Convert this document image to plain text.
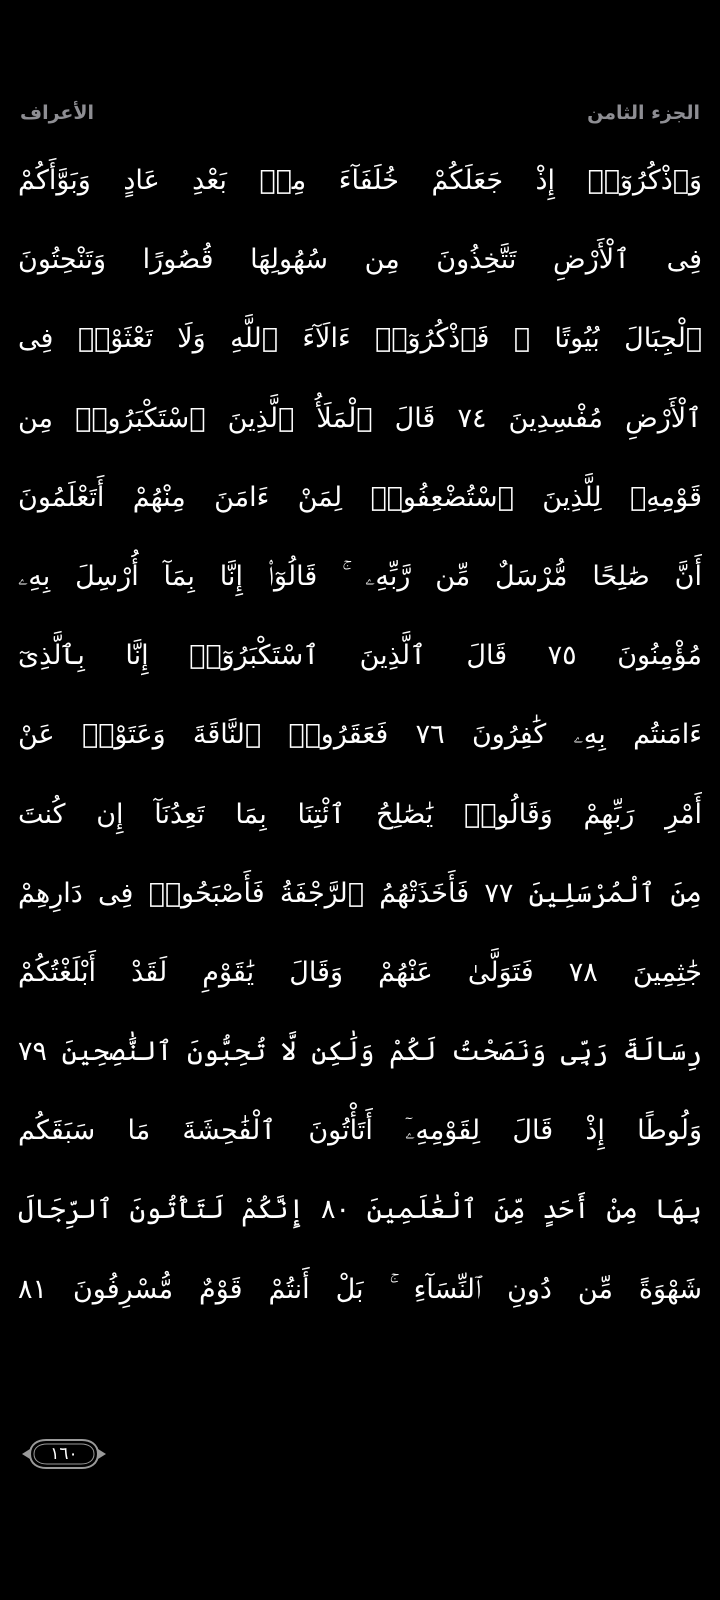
الأعراف	الجزء الثامن
وَٱذْكُرُوٓا۟ إِذْ جَعَلَكُمْ خُلَفَآءَ مِنۢ بَعْدِ عَادٍ وَبَوَّأَكُمْ
فِى ٱلْأَرْضِ تَتَّخِذُونَ مِن سُهُولِهَا قُصُورًا وَتَنْحِتُونَ
ٱلْجِبَالَ بُيُوتًا ۖ فَٱذْكُرُوٓا۟ ءَالَآءَ ٱللَّهِ وَلَا تَعْثَوْا۟ فِى
ٱلْأَرْضِ مُفْسِدِينَ ٧٤ قَالَ ٱلْمَلَأُ ٱلَّذِينَ ٱسْتَكْبَرُوا۟ مِن
قَوْمِهِۦ لِلَّذِينَ ٱسْتُضْعِفُوا۟ لِمَنْ ءَامَنَ مِنْهُمْ أَتَعْلَمُونَ
أَنَّ صَٰلِحًا مُّرْسَلٌ مِّن رَّبِّهِۦ ۚ قَالُوٓا۟ إِنَّا بِمَآ أُرْسِلَ بِهِۦ
مُؤْمِنُونَ ٧٥ قَالَ ٱلَّذِينَ ٱسْتَكْبَرُوٓا۟ إِنَّا بِٱلَّذِىٓ
ءَامَنتُم بِهِۦ كَٰفِرُونَ ٧٦ فَعَقَرُوا۟ ٱلنَّاقَةَ وَعَتَوْا۟ عَنْ
أَمْرِ رَبِّهِمْ وَقَالُوا۟ يَٰصَٰلِحُ ٱئْتِنَا بِمَا تَعِدُنَآ إِن كُنتَ
مِنَ ٱلْمُرْسَلِينَ ٧٧ فَأَخَذَتْهُمُ ٱلرَّجْفَةُ فَأَصْبَحُوا۟ فِى دَارِهِمْ
جَٰثِمِينَ ٧٨ فَتَوَلَّىٰ عَنْهُمْ وَقَالَ يَٰقَوْمِ لَقَدْ أَبْلَغْتُكُمْ
رِسَالَةَ رَبِّى وَنَصَحْتُ لَكُمْ وَلَٰكِن لَّا تُحِبُّونَ ٱلنَّٰصِحِينَ ٧٩
وَلُوطًا إِذْ قَالَ لِقَوْمِهِۦٓ أَتَأْتُونَ ٱلْفَٰحِشَةَ مَا سَبَقَكُم
بِهَا مِنْ أَحَدٍ مِّنَ ٱلْعَٰلَمِينَ ٨٠ إِنَّكُمْ لَتَأْتُونَ ٱلرِّجَالَ
شَهْوَةً مِّن دُونِ ٱلنِّسَآءِ ۚ بَلْ أَنتُمْ قَوْمٌ مُّسْرِفُونَ ٨١
١٦٠
